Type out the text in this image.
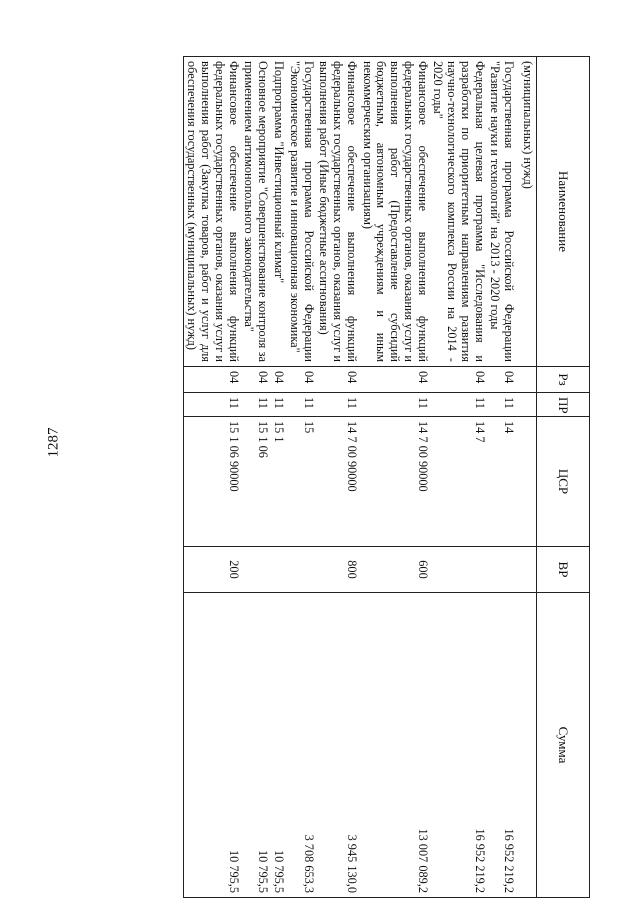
1287
Наименование	Рз	ПР	ЦСР	ВР	Сумма
(муниципальных) нужд)					
Государственная программа Российской Федерации "Развитие науки и технологий" на 2013 - 2020 годы	04	11	14		16 952 219,2
Федеральная целевая программа "Исследования и разработки по приоритетным направлениям развития научно-технологического комплекса России на 2014 - 2020 годы"	04	11	14 7		16 952 219,2
Финансовое обеспечение выполнения функций федеральных государственных органов, оказания услуг и выполнения работ (Предоставление субсидий бюджетным, автономным учреждениям и иным некоммерческим организациям)	04	11	14 7 00 90000	600	13 007 089,2
Финансовое обеспечение выполнения функций федеральных государственных органов, оказания услуг и выполнения работ (Иные бюджетные ассигнования)	04	11	14 7 00 90000	800	3 945 130,0
Государственная программа Российской Федерации "Экономическое развитие и инновационная экономика"	04	11	15		3 708 653,3
Подпрограмма "Инвестиционный климат"	04	11	15 1		10 795,5
Основное мероприятие "Совершенствование контроля за применением антимонопольного законодательства"	04	11	15 1 06		10 795,5
Финансовое обеспечение выполнения функций федеральных государственных органов, оказания услуг и выполнения работ (Закупка товаров, работ и услуг для обеспечения государственных (муниципальных) нужд)	04	11	15 1 06 90000	200	10 795,5
